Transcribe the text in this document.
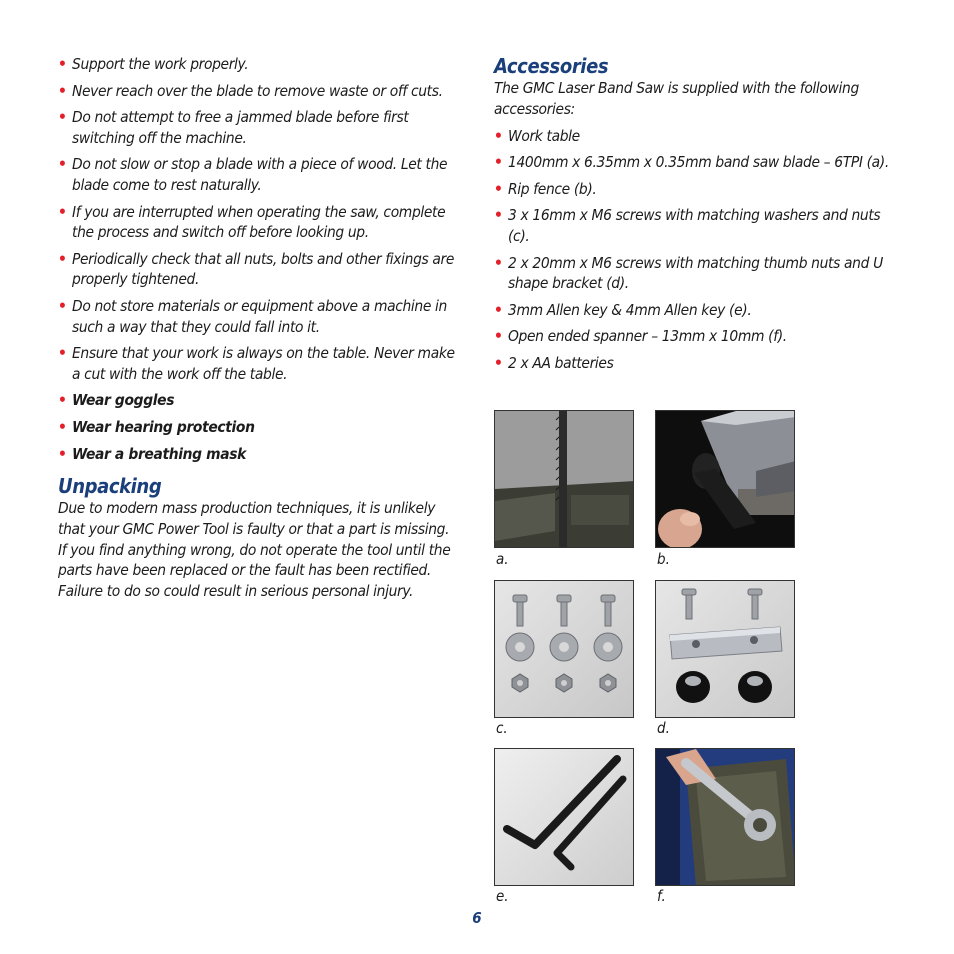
• Support the work properly.
• Never reach over the blade to remove waste or off cuts.
• Do not attempt to free a jammed blade before first switching off the machine.
• Do not slow or stop a blade with a piece of wood. Let the blade come to rest naturally.
• If you are interrupted when operating the saw, complete the process and switch off before looking up.
• Periodically check that all nuts, bolts and other fixings are properly tightened.
• Do not store materials or equipment above a machine in such a way that they could fall into it.
• Ensure that your work is always on the table. Never make a cut with the work off the table.
• Wear goggles
• Wear hearing protection
• Wear a breathing mask
Unpacking

Due to modern mass production techniques, it is unlikely that your GMC Power Tool is faulty or that a part is missing. If you find anything wrong, do not operate the tool until the parts have been replaced or the fault has been rectified. Failure to do so could result in serious personal injury.

Accessories

The GMC Laser Band Saw is supplied with the following accessories:

• Work table
• 1400mm x 6.35mm x 0.35mm band saw blade – 6TPI (a).
• Rip fence (b).
• 3 x 16mm x M6 screws with matching washers and nuts (c).
• 2 x 20mm x M6 screws with matching thumb nuts and U shape bracket (d).
• 3mm Allen key & 4mm Allen key (e).
• Open ended spanner – 13mm x 10mm (f).
• 2 x AA batteries
a.	b.
c.	d.
e.	f.
6
